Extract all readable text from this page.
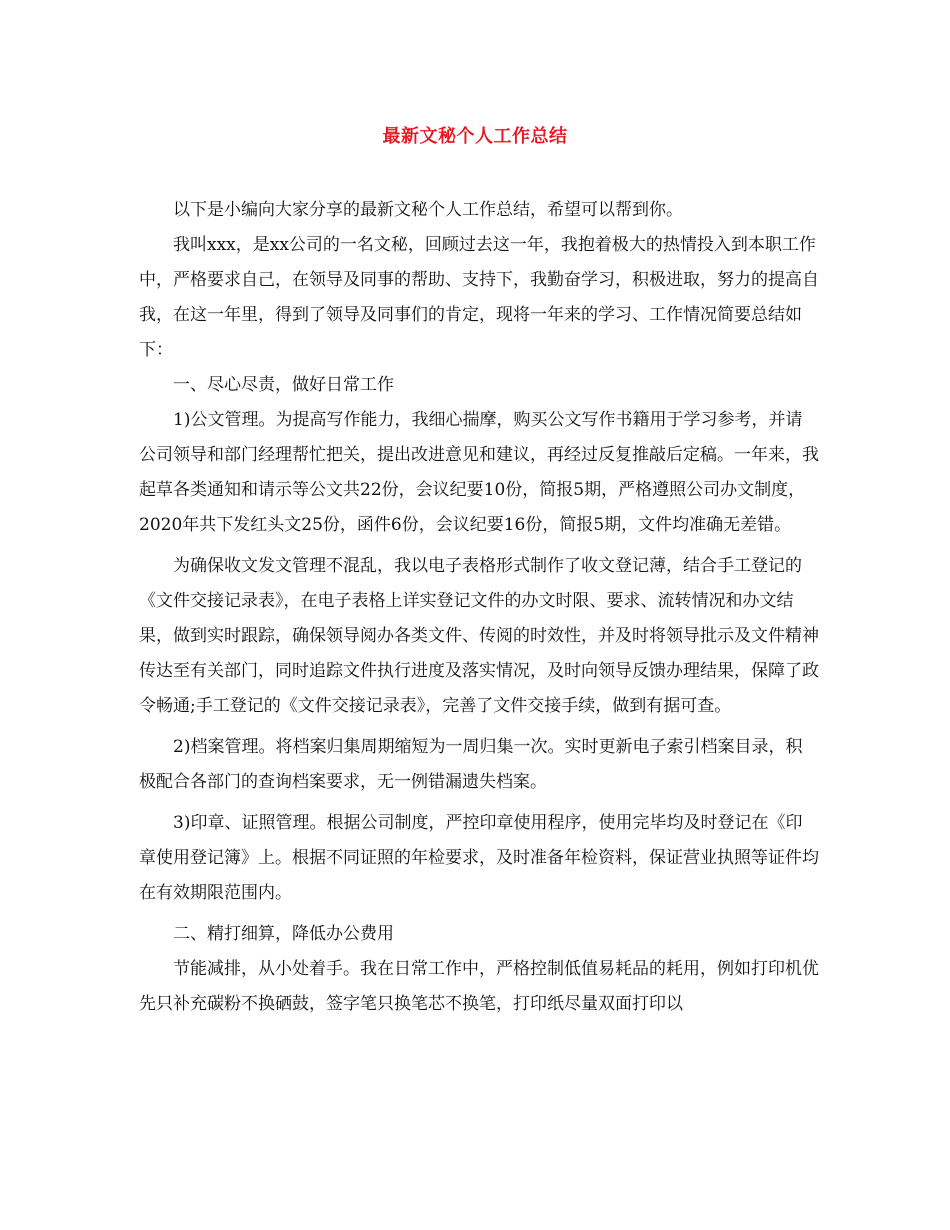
最新文秘个人工作总结

以下是小编向大家分享的最新文秘个人工作总结，希望可以帮到你。

我叫xxx，是xx公司的一名文秘，回顾过去这一年，我抱着极大的热情投入到本职工作中，严格要求自己，在领导及同事的帮助、支持下，我勤奋学习，积极进取，努力的提高自我，在这一年里，得到了领导及同事们的肯定，现将一年来的学习、工作情况简要总结如下：

一、尽心尽责，做好日常工作

1)公文管理。为提高写作能力，我细心揣摩，购买公文写作书籍用于学习参考，并请公司领导和部门经理帮忙把关，提出改进意见和建议，再经过反复推敲后定稿。一年来，我起草各类通知和请示等公文共22份，会议纪要10份，简报5期，严格遵照公司办文制度，2020年共下发红头文25份，函件6份，会议纪要16份，简报5期，文件均准确无差错。

为确保收文发文管理不混乱，我以电子表格形式制作了收文登记薄，结合手工登记的《文件交接记录表》，在电子表格上详实登记文件的办文时限、要求、流转情况和办文结果，做到实时跟踪，确保领导阅办各类文件、传阅的时效性，并及时将领导批示及文件精神传达至有关部门，同时追踪文件执行进度及落实情况，及时向领导反馈办理结果，保障了政令畅通;手工登记的《文件交接记录表》，完善了文件交接手续，做到有据可查。

2)档案管理。将档案归集周期缩短为一周归集一次。实时更新电子索引档案目录，积极配合各部门的查询档案要求，无一例错漏遗失档案。

3)印章、证照管理。根据公司制度，严控印章使用程序，使用完毕均及时登记在《印章使用登记簿》上。根据不同证照的年检要求，及时准备年检资料，保证营业执照等证件均在有效期限范围内。

二、精打细算，降低办公费用

节能减排，从小处着手。我在日常工作中，严格控制低值易耗品的耗用，例如打印机优先只补充碳粉不换硒鼓，签字笔只换笔芯不换笔，打印纸尽量双面打印以
